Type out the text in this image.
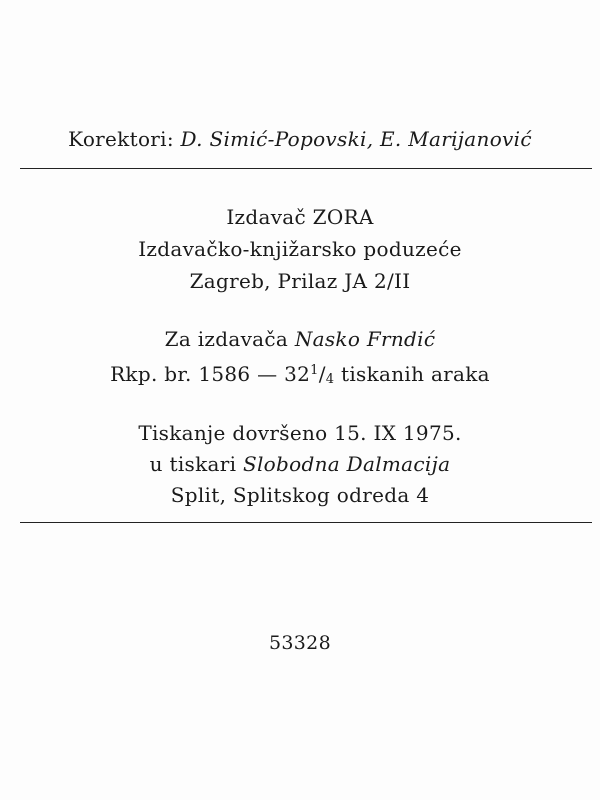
Korektori: D. Simić-Popovski, E. Marijanović
Izdavač ZORA
Izdavačko-knjižarsko poduzeće
Zagreb, Prilaz JA 2/II
Za izdavača Nasko Frndić
Rkp. br. 1586 — $32^1/4$ tiskanih araka
Tiskanje dovršeno 15. IX 1975.
u tiskari Slobodna Dalmacija
Split, Splitskog odreda 4
53328
